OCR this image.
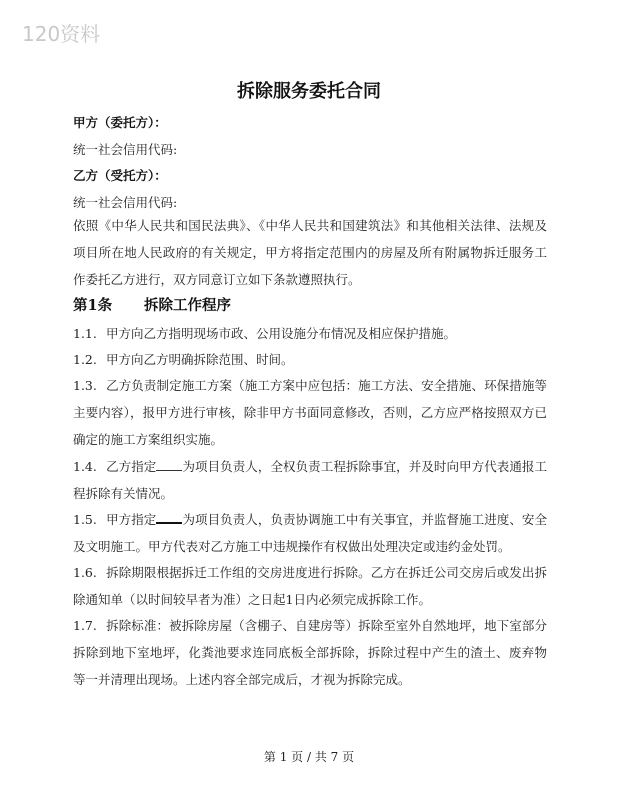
120资料
拆除服务委托合同
甲方（委托方）：
统一社会信用代码:
乙方（受托方）：
统一社会信用代码:
依照《中华人民共和国民法典》、《中华人民共和国建筑法》和其他相关法律、法规及项目所在地人民政府的有关规定，甲方将指定范围内的房屋及所有附属物拆迁服务工作委托乙方进行，双方同意订立如下条款遵照执行。
第1条 拆除工作程序
1.1. 甲方向乙方指明现场市政、公用设施分布情况及相应保护措施。
1.2. 甲方向乙方明确拆除范围、时间。
1.3. 乙方负责制定施工方案（施工方案中应包括：施工方法、安全措施、环保措施等主要内容），报甲方进行审核，除非甲方书面同意修改，否则，乙方应严格按照双方已确定的施工方案组织实施。
1.4. 乙方指定 为项目负责人，全权负责工程拆除事宜，并及时向甲方代表通报工程拆除有关情况。
1.5. 甲方指定 为项目负责人，负责协调施工中有关事宜，并监督施工进度、安全及文明施工。甲方代表对乙方施工中违规操作有权做出处理决定或违约金处罚。
1.6. 拆除期限根据拆迁工作组的交房进度进行拆除。乙方在拆迁公司交房后或发出拆除通知单（以时间较早者为准）之日起1日内必须完成拆除工作。
1.7. 拆除标准：被拆除房屋（含棚子、自建房等）拆除至室外自然地坪，地下室部分拆除到地下室地坪，化粪池要求连同底板全部拆除，拆除过程中产生的渣土、废弃物等一并清理出现场。上述内容全部完成后，才视为拆除完成。
第 1 页 / 共 7 页
